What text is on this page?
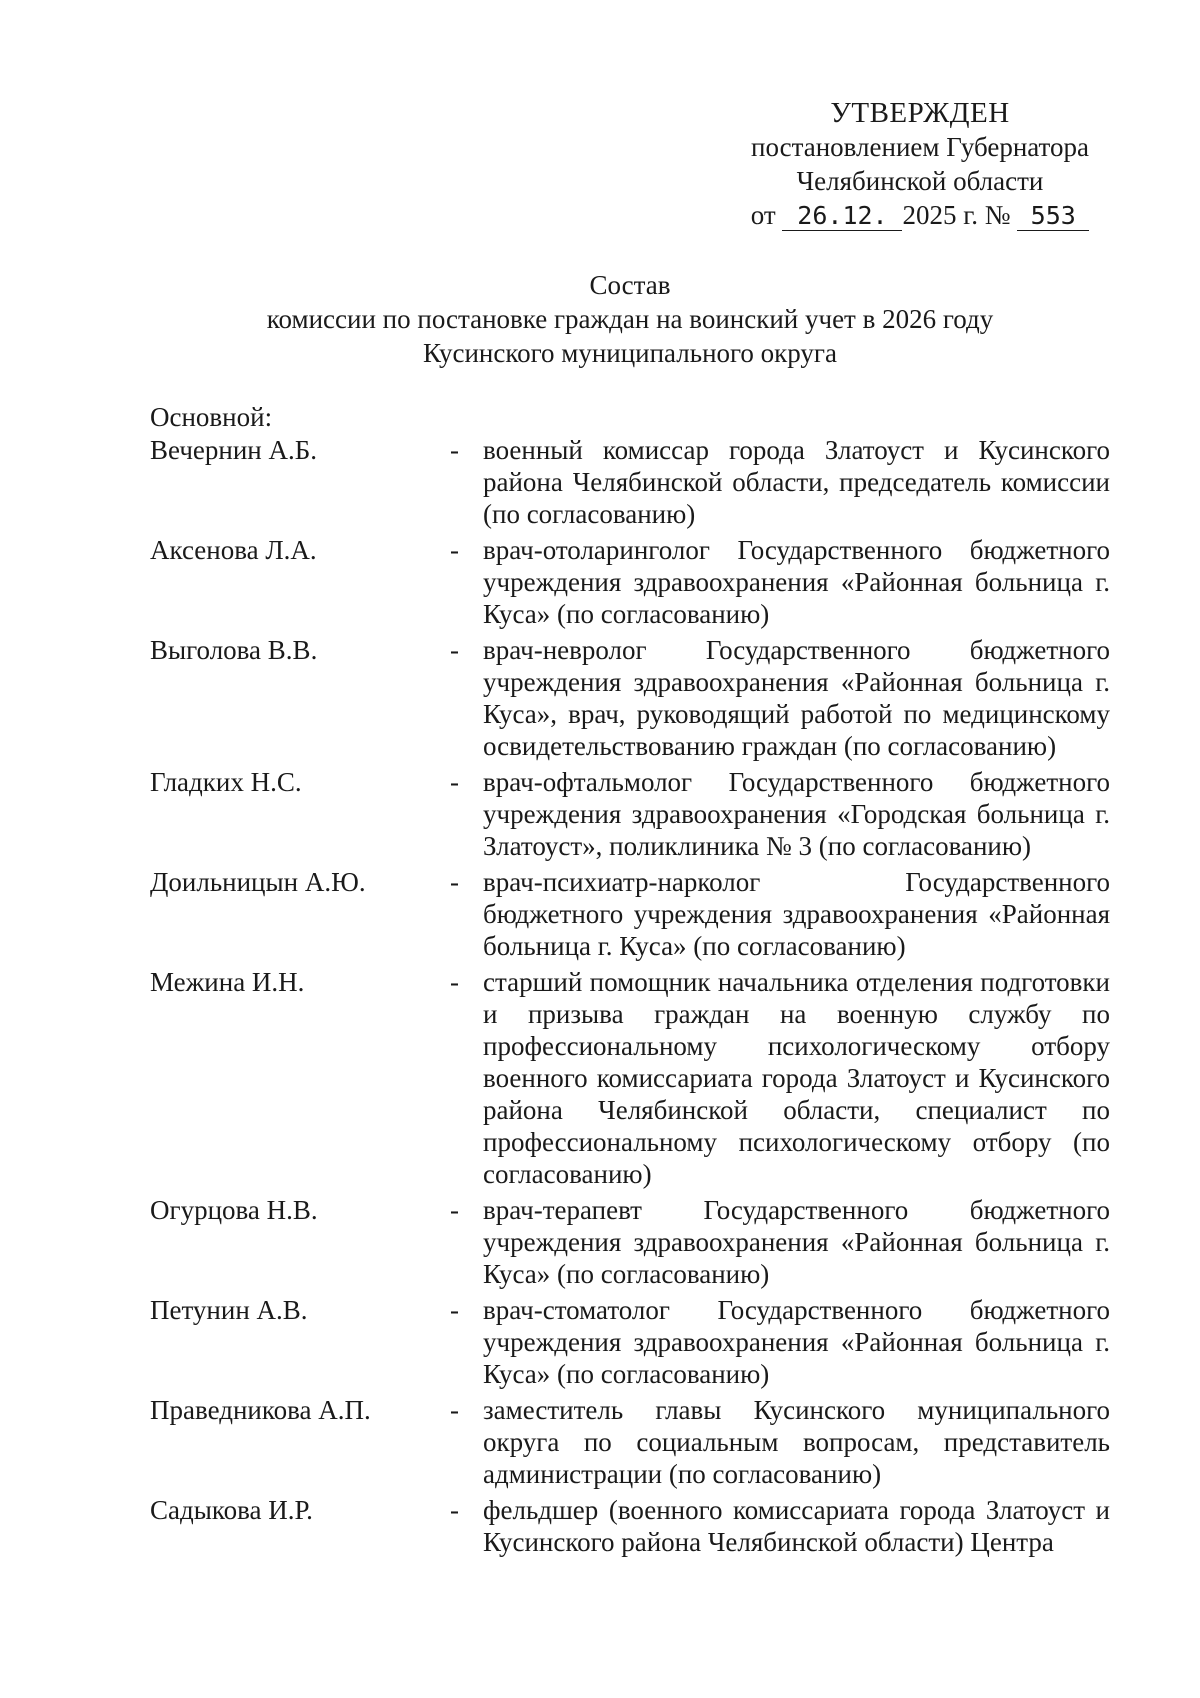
УТВЕРЖДЕН
постановлением Губернатора
Челябинской области
от 26.12. 2025 г. № 553
Состав
комиссии по постановке граждан на воинский учет в 2026 году
Кусинского муниципального округа
Основной:
Вечернин А.Б.	- военный комиссар города Златоуст и Кусинского района Челябинской области, председатель комиссии (по согласованию)
Аксенова Л.А.	- врач-отоларинголог Государственного бюджетного учреждения здравоохранения «Районная больница г. Куса» (по согласованию)
Выголова В.В.	- врач-невролог Государственного бюджетного учреждения здравоохранения «Районная больница г. Куса», врач, руководящий работой по медицинскому освидетельствованию граждан (по согласованию)
Гладких Н.С.	- врач-офтальмолог Государственного бюджетного учреждения здравоохранения «Городская больница г. Златоуст», поликлиника № 3 (по согласованию)
Доильницын А.Ю.	- врач-психиатр-нарколог Государственного бюджетного учреждения здравоохранения «Районная больница г. Куса» (по согласованию)
Межина И.Н.	- старший помощник начальника отделения подготовки и призыва граждан на военную службу по профессиональному психологическому отбору военного комиссариата города Златоуст и Кусинского района Челябинской области, специалист по профессиональному психологическому отбору (по согласованию)
Огурцова Н.В.	- врач-терапевт Государственного бюджетного учреждения здравоохранения «Районная больница г. Куса» (по согласованию)
Петунин А.В.	- врач-стоматолог Государственного бюджетного учреждения здравоохранения «Районная больница г. Куса» (по согласованию)
Праведникова А.П.	- заместитель главы Кусинского муниципального округа по социальным вопросам, представитель администрации (по согласованию)
Садыкова И.Р.	- фельдшер (военного комиссариата города Златоуст и Кусинского района Челябинской области) Центра
